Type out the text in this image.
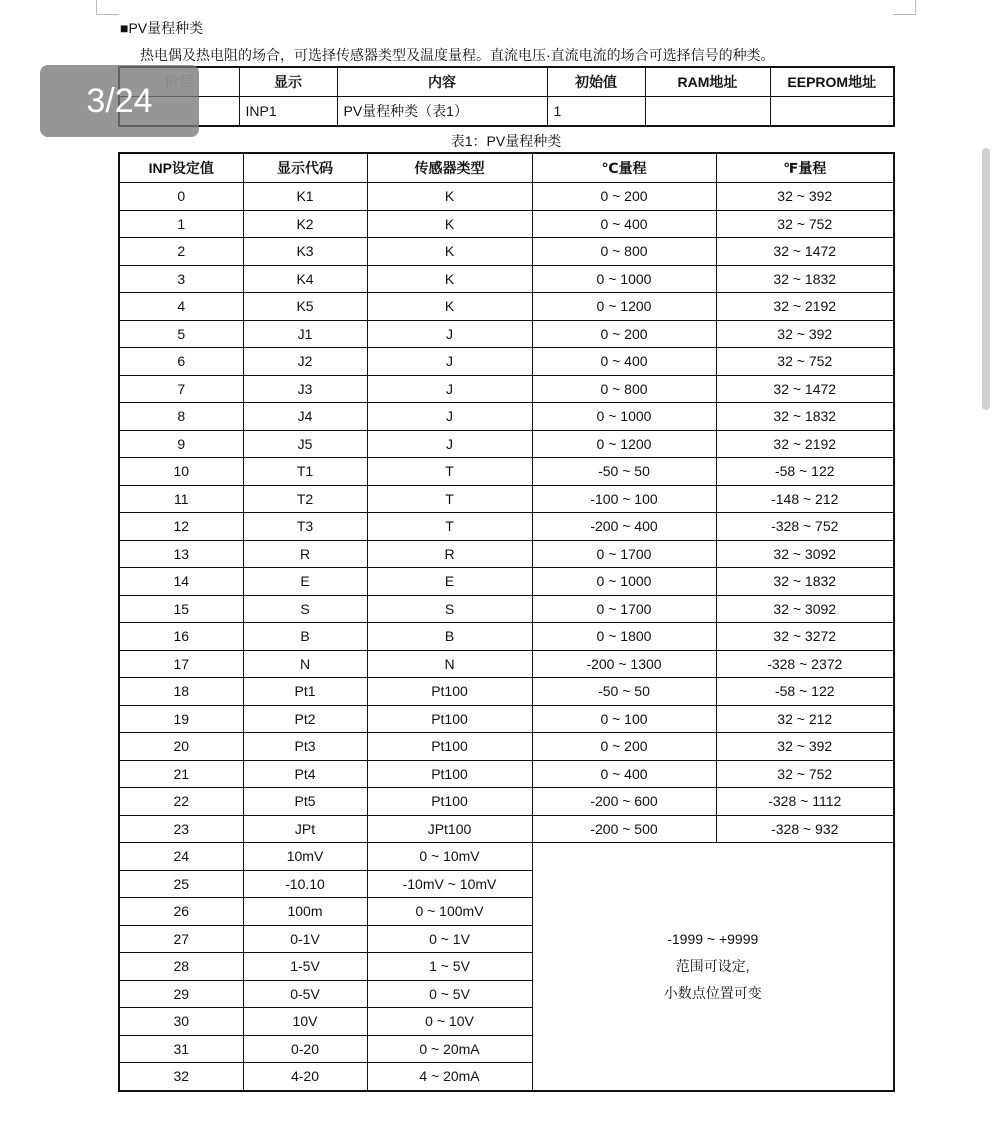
■PV量程种类
热电偶及热电阻的场合，可选择传感器类型及温度量程。直流电压·直流电流的场合可选择信号的种类。
	显示	内容	初始值	RAM地址	EEPROM地址
	INP1	PV量程种类（表1）	1		
表1：PV量程种类
INP设定值	显示代码	传感器类型	℃量程	℉量程
0	K1	K	0 ~ 200	32 ~ 392
1	K2	K	0 ~ 400	32 ~ 752
2	K3	K	0 ~ 800	32 ~ 1472
3	K4	K	0 ~ 1000	32 ~ 1832
4	K5	K	0 ~ 1200	32 ~ 2192
5	J1	J	0 ~ 200	32 ~ 392
6	J2	J	0 ~ 400	32 ~ 752
7	J3	J	0 ~ 800	32 ~ 1472
8	J4	J	0 ~ 1000	32 ~ 1832
9	J5	J	0 ~ 1200	32 ~ 2192
10	T1	T	-50 ~ 50	-58 ~ 122
11	T2	T	-100 ~ 100	-148 ~ 212
12	T3	T	-200 ~ 400	-328 ~ 752
13	R	R	0 ~ 1700	32 ~ 3092
14	E	E	0 ~ 1000	32 ~ 1832
15	S	S	0 ~ 1700	32 ~ 3092
16	B	B	0 ~ 1800	32 ~ 3272
17	N	N	-200 ~ 1300	-328 ~ 2372
18	Pt1	Pt100	-50 ~ 50	-58 ~ 122
19	Pt2	Pt100	0 ~ 100	32 ~ 212
20	Pt3	Pt100	0 ~ 200	32 ~ 392
21	Pt4	Pt100	0 ~ 400	32 ~ 752
22	Pt5	Pt100	-200 ~ 600	-328 ~ 1112
23	JPt	JPt100	-200 ~ 500	-328 ~ 932
24	10mV	0 ~ 10mV	-1999 ~ +9999
范围可设定,
小数点位置可变	

25	-10.10	-10mV ~ 10mV		
26	100m	0 ~ 100mV		
27	0-1V	0 ~ 1V		
28	1-5V	1 ~ 5V		
29	0-5V	0 ~ 5V		
30	10V	0 ~ 10V		
31	0-20	0 ~ 20mA		
32	4-20	4 ~ 20mA		
3/24
